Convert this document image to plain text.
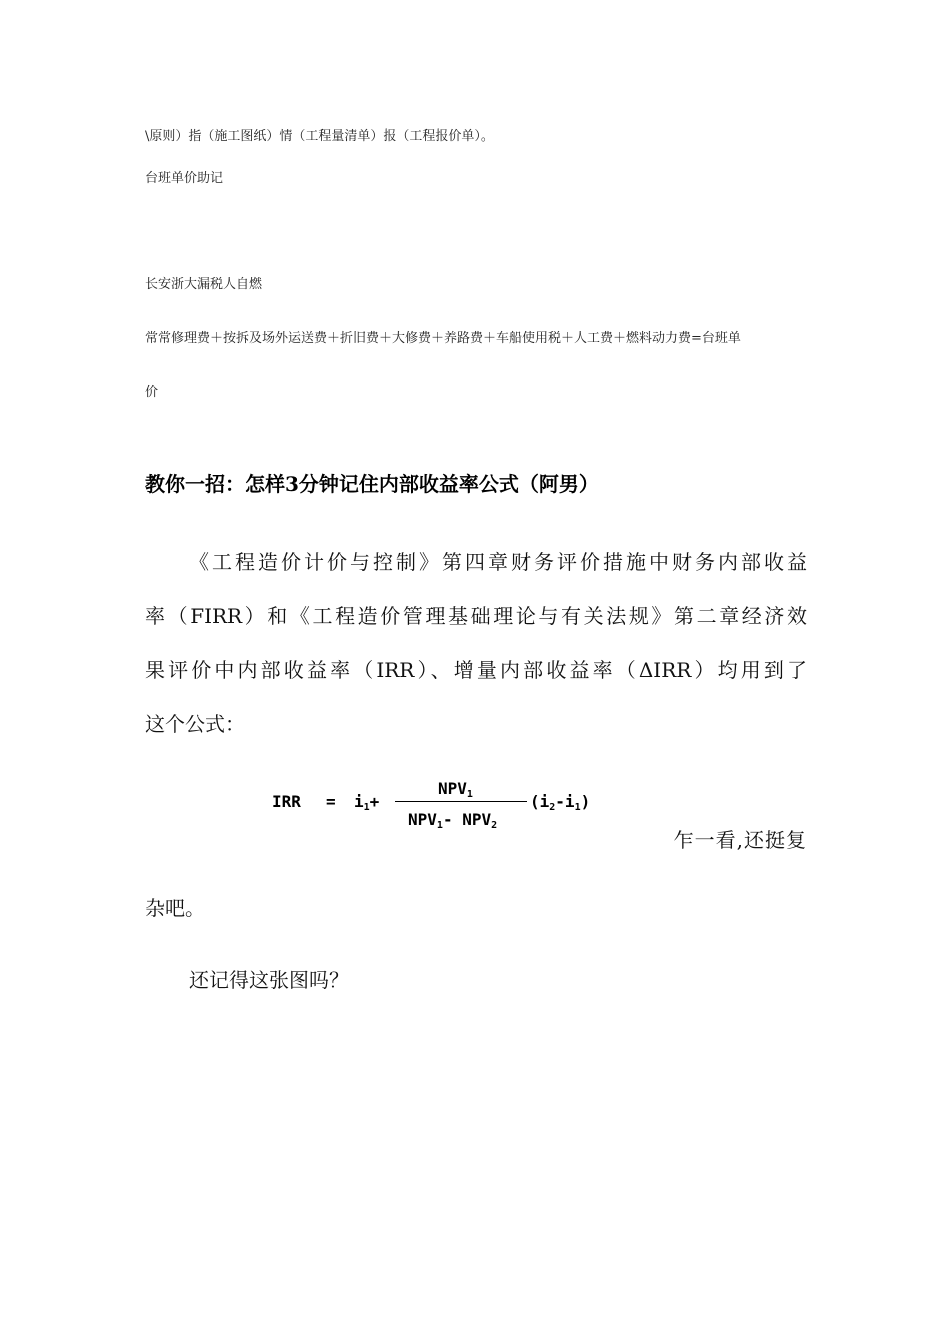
\原则）指（施工图纸）情（工程量清单）报（工程报价单）。
台班单价助记
长安浙大漏税人自燃
常常修理费＋按拆及场外运送费＋折旧费＋大修费＋养路费＋车船使用税＋人工费＋燃料动力费=台班单
价
教你一招：怎样3分钟记住内部收益率公式（阿男）
《工程造价计价与控制》第四章财务评价措施中财务内部收益
率（FIRR）和《工程造价管理基础理论与有关法规》第二章经济效
果评价中内部收益率（IRR）、增量内部收益率（ΔIRR）均用到了
这个公式：
IRR = $i_1+$
$NPV_1$
$NPV_1-$ $NPV_2$
$(i_2-i_1)$
乍一看,还挺复
杂吧。
还记得这张图吗？
